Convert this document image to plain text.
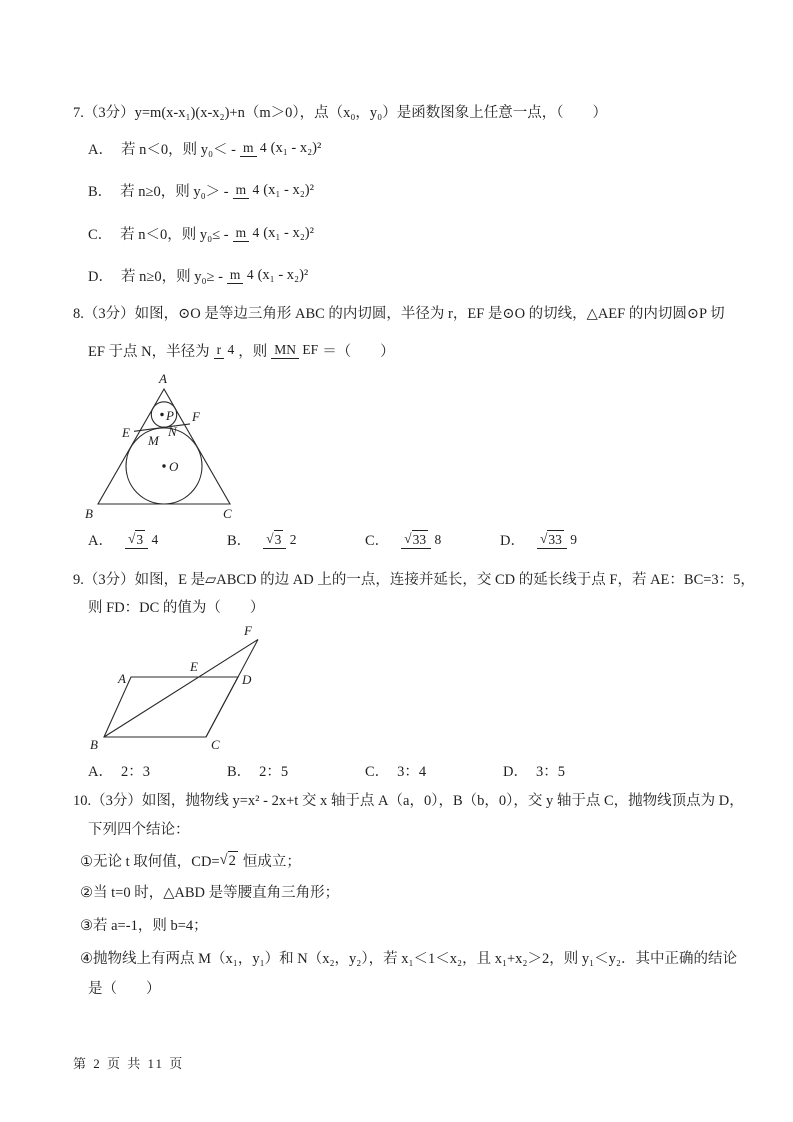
7.（3分）y=m(x-x₁)(x-x₂)+n（m＞0），点（x₀，y₀）是函数图象上任意一点，（　　）
A． 若 n＜0，则 y₀＜ - m 4 (x₁ - x₂)²
B． 若 n≥0，则 y₀＞ - m 4 (x₁ - x₂)²
C． 若 n＜0，则 y₀≤ - m 4 (x₁ - x₂)²
D． 若 n≥0，则 y₀≥ - m 4 (x₁ - x₂)²
8.（3分）如图，⊙O 是等边三角形 ABC 的内切圆，半径为 r，EF 是⊙O 的切线，△AEF 的内切圆⊙P 切
EF 于点 N，半径为 r 4 ，则 MN EF ＝（　　）
A
B	C
O
P
E
M
N
F
A． √3 4	B． √3 2	C． √33 8	D． √33 9
9.（3分）如图，E 是▱ABCD 的边 AD 上的一点，连接并延长，交 CD 的延长线于点 F，若 AE：BC=3：5，
则 FD：DC 的值为（　　）
A
E
D
F
B	C
A． 2：3	B． 2：5	C． 3：4	D． 3：5
10.（3分）如图，抛物线 y=x² - 2x+t 交 x 轴于点 A（a，0），B（b，0），交 y 轴于点 C，抛物线顶点为 D，
下列四个结论：
①无论 t 取何值，CD= √2 恒成立；
②当 t=0 时，△ABD 是等腰直角三角形；
③若 a=-1，则 b=4；
④抛物线上有两点 M（x₁，y₁）和 N（x₂，y₂），若 x₁＜1＜x₂，且 x₁+x₂＞2，则 y₁＜y₂．其中正确的结论
是（　　）
第 2 页 共 11 页
